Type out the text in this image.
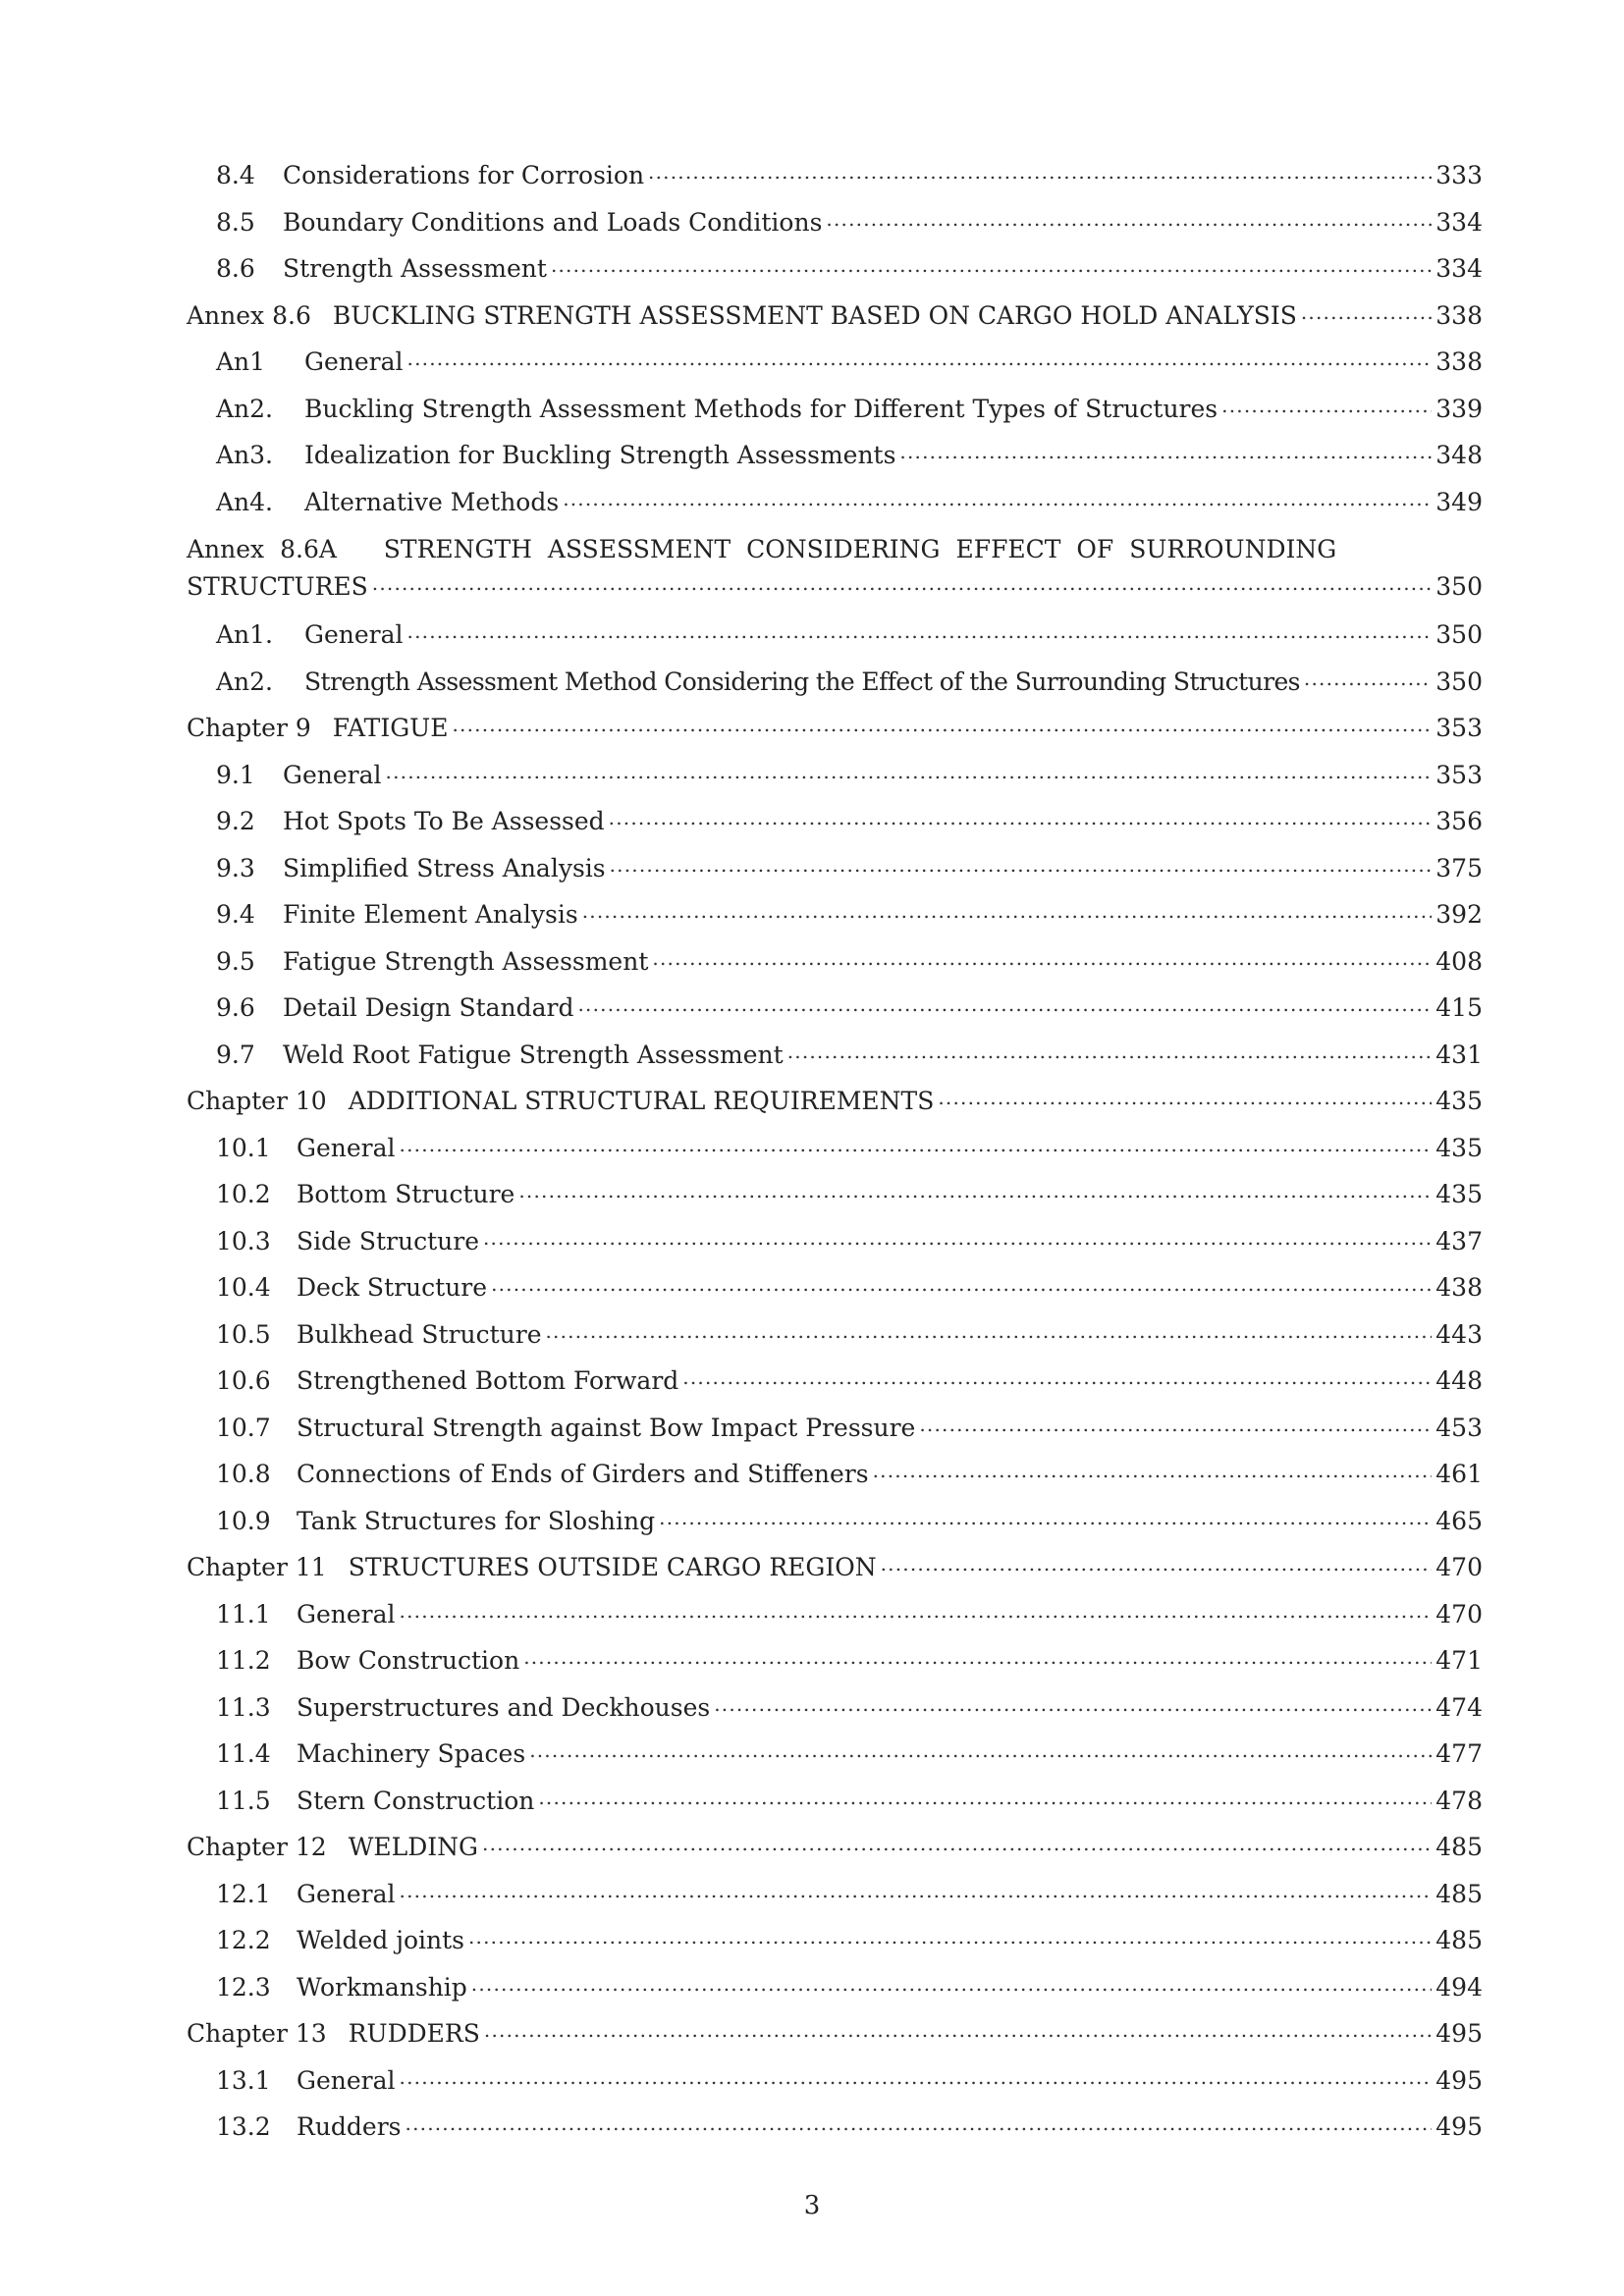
8.4	Considerations for Corrosion .....	333
8.5	Boundary Conditions and Loads Conditions .....	334
8.6	Strength Assessment .....	334
Annex 8.6 BUCKLING STRENGTH ASSESSMENT BASED ON CARGO HOLD ANALYSIS .....	338
An1	General .....	338
An2.	Buckling Strength Assessment Methods for Different Types of Structures .....	339
An3.	Idealization for Buckling Strength Assessments .....	348
An4.	Alternative Methods .....	349
Annex 8.6A STRENGTH ASSESSMENT CONSIDERING EFFECT OF SURROUNDING
STRUCTURES .....	350
An1.	General .....	350
An2.	Strength Assessment Method Considering the Effect of the Surrounding Structures .....	350
Chapter 9 FATIGUE .....	353
9.1	General .....	353
9.2	Hot Spots To Be Assessed .....	356
9.3	Simplified Stress Analysis .....	375
9.4	Finite Element Analysis .....	392
9.5	Fatigue Strength Assessment .....	408
9.6	Detail Design Standard .....	415
9.7	Weld Root Fatigue Strength Assessment .....	431
Chapter 10 ADDITIONAL STRUCTURAL REQUIREMENTS .....	435
10.1	General .....	435
10.2	Bottom Structure .....	435
10.3	Side Structure .....	437
10.4	Deck Structure .....	438
10.5	Bulkhead Structure .....	443
10.6	Strengthened Bottom Forward .....	448
10.7	Structural Strength against Bow Impact Pressure .....	453
10.8	Connections of Ends of Girders and Stiffeners .....	461
10.9	Tank Structures for Sloshing .....	465
Chapter 11 STRUCTURES OUTSIDE CARGO REGION .....	470
11.1	General .....	470
11.2	Bow Construction .....	471
11.3	Superstructures and Deckhouses .....	474
11.4	Machinery Spaces .....	477
11.5	Stern Construction .....	478
Chapter 12 WELDING .....	485
12.1	General .....	485
12.2	Welded joints .....	485
12.3	Workmanship .....	494
Chapter 13 RUDDERS .....	495
13.1	General .....	495
13.2	Rudders .....	495
3
